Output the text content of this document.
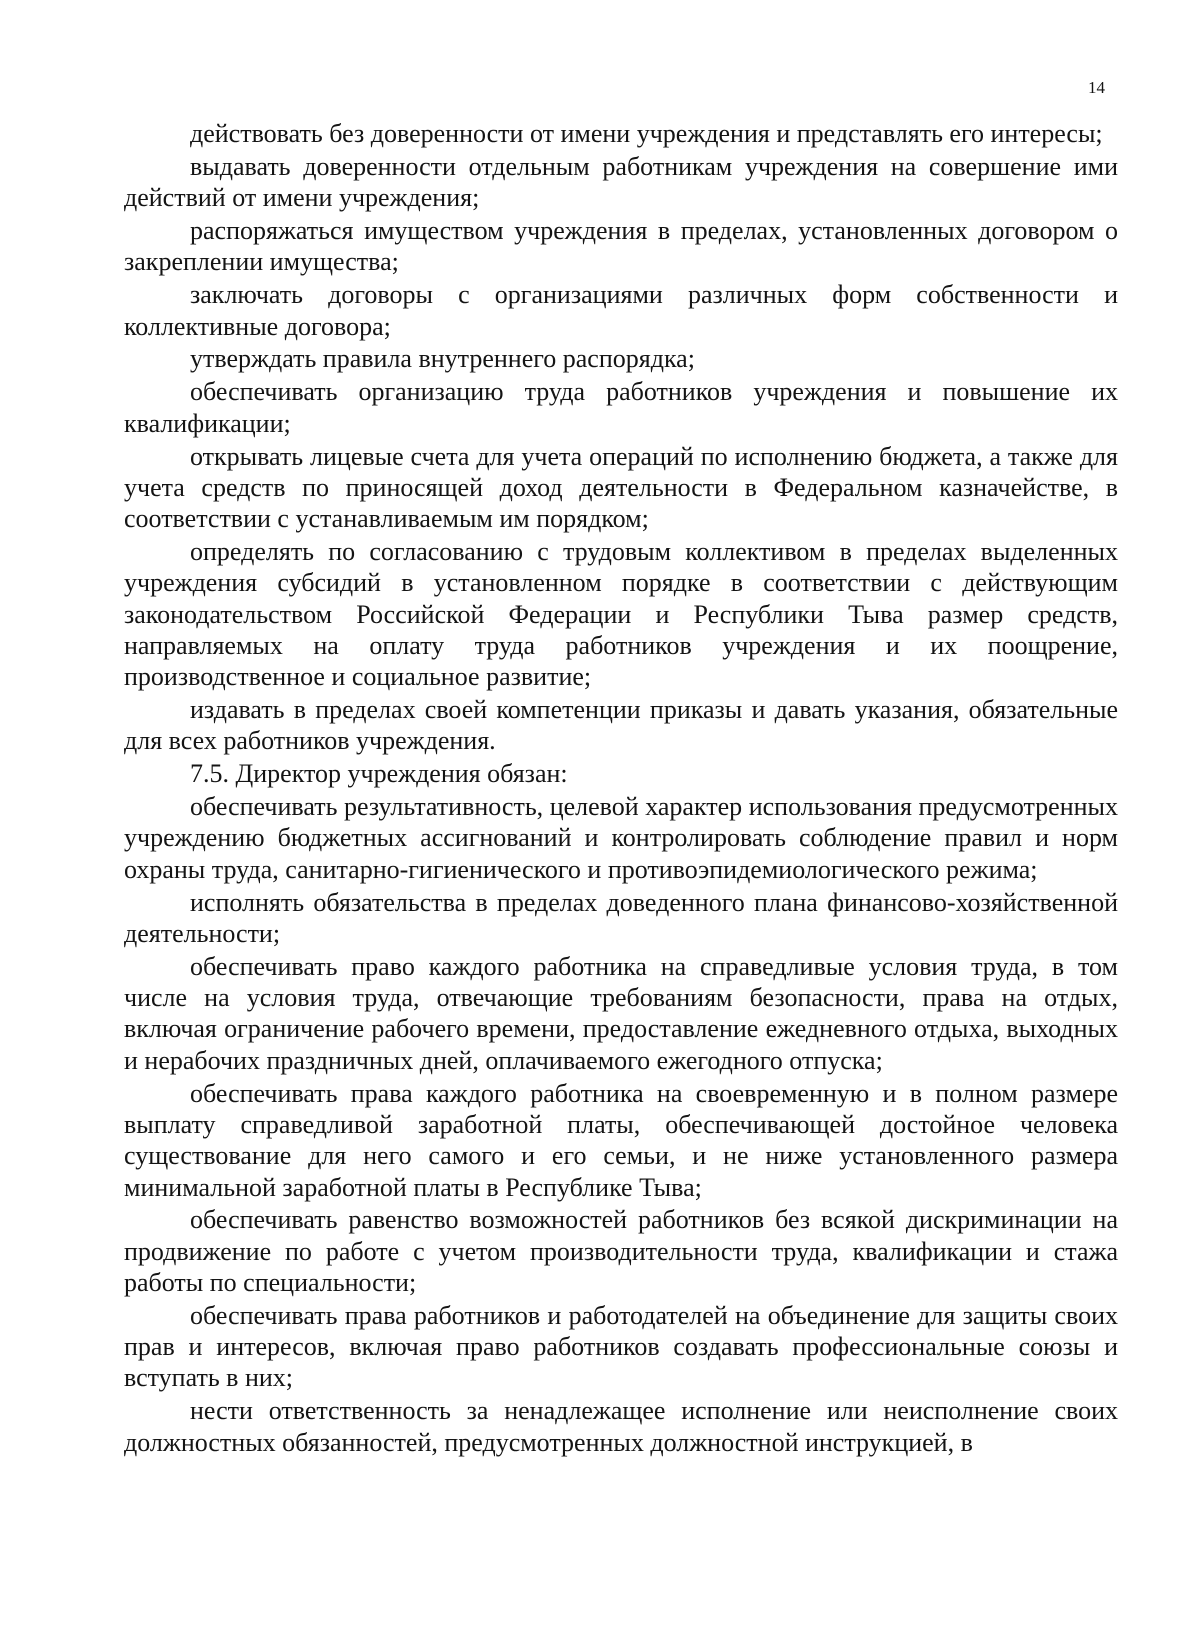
14

действовать без доверенности от имени учреждения и представлять его интересы;

выдавать доверенности отдельным работникам учреждения на совершение ими действий от имени учреждения;

распоряжаться имуществом учреждения в пределах, установленных договором о закреплении имущества;

заключать договоры с организациями различных форм собственности и коллективные договора;

утверждать правила внутреннего распорядка;

обеспечивать организацию труда работников учреждения и повышение их квалификации;

открывать лицевые счета для учета операций по исполнению бюджета, а также для учета средств по приносящей доход деятельности в Федеральном казначействе, в соответствии с устанавливаемым им порядком;

определять по согласованию с трудовым коллективом в пределах выделенных учреждения субсидий в установленном порядке в соответствии с действующим законодательством Российской Федерации и Республики Тыва размер средств, направляемых на оплату труда работников учреждения и их поощрение, производственное и социальное развитие;

издавать в пределах своей компетенции приказы и давать указания, обязательные для всех работников учреждения.

7.5. Директор учреждения обязан:

обеспечивать результативность, целевой характер использования предусмотренных учреждению бюджетных ассигнований и контролировать соблюдение правил и норм охраны труда, санитарно-гигиенического и противоэпидемиологического режима;

исполнять обязательства в пределах доведенного плана финансово-хозяйственной деятельности;

обеспечивать право каждого работника на справедливые условия труда, в том числе на условия труда, отвечающие требованиям безопасности, права на отдых, включая ограничение рабочего времени, предоставление ежедневного отдыха, выходных и нерабочих праздничных дней, оплачиваемого ежегодного отпуска;

обеспечивать права каждого работника на своевременную и в полном размере выплату справедливой заработной платы, обеспечивающей достойное человека существование для него самого и его семьи, и не ниже установленного размера минимальной заработной платы в Республике Тыва;

обеспечивать равенство возможностей работников без всякой дискриминации на продвижение по работе с учетом производительности труда, квалификации и стажа работы по специальности;

обеспечивать права работников и работодателей на объединение для защиты своих прав и интересов, включая право работников создавать профессиональные союзы и вступать в них;

нести ответственность за ненадлежащее исполнение или неисполнение своих должностных обязанностей, предусмотренных должностной инструкцией, в
